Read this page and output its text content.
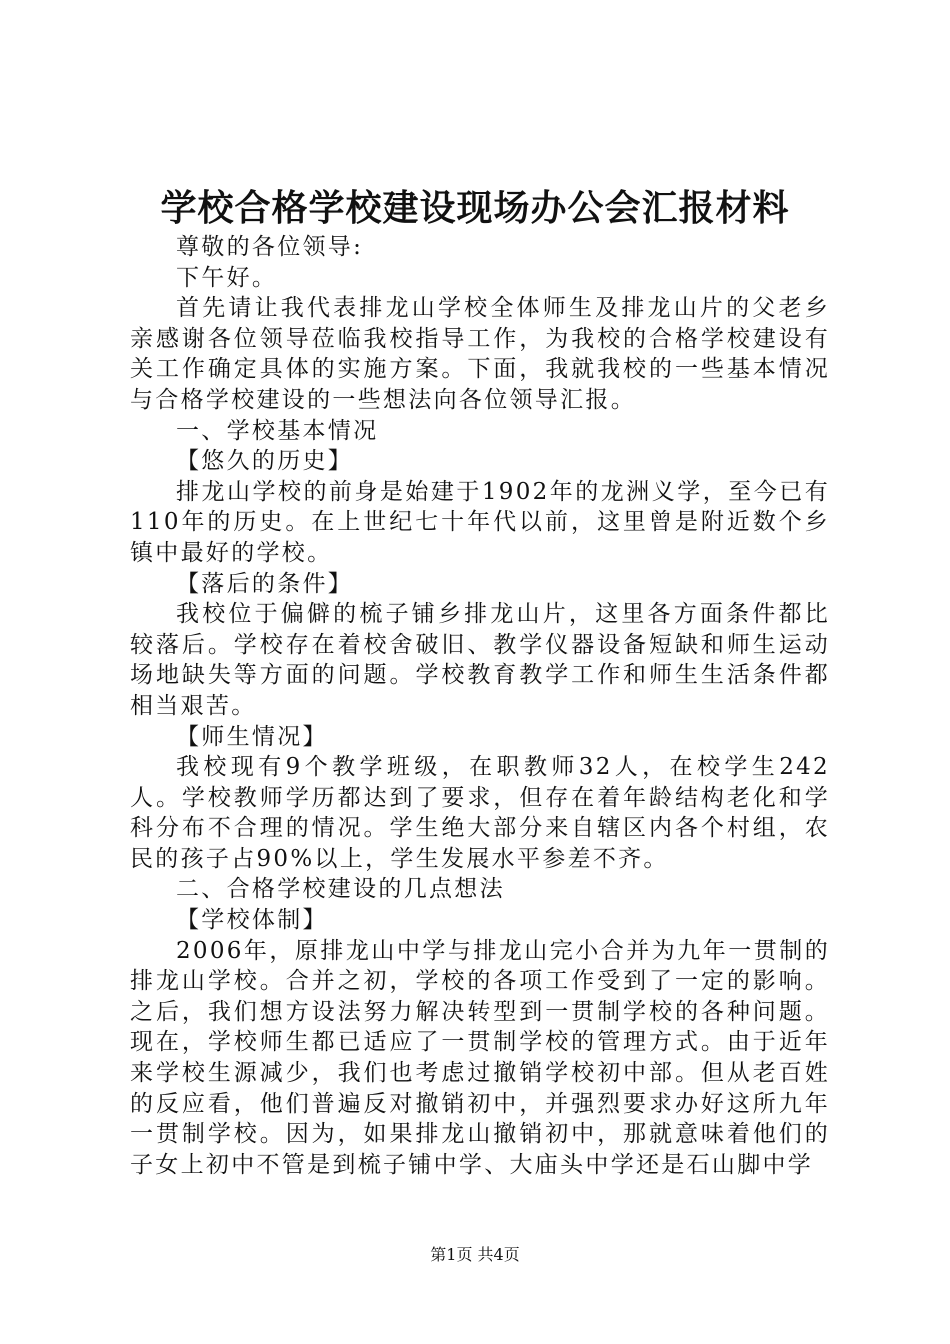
学校合格学校建设现场办公会汇报材料

尊敬的各位领导:

下午好。

首先请让我代表排龙山学校全体师生及排龙山片的父老乡亲感谢各位领导莅临我校指导工作，为我校的合格学校建设有关工作确定具体的实施方案。下面，我就我校的一些基本情况与合格学校建设的一些想法向各位领导汇报。

一、学校基本情况

【悠久的历史】

排龙山学校的前身是始建于1902年的龙洲义学，至今已有110年的历史。在上世纪七十年代以前，这里曾是附近数个乡镇中最好的学校。

【落后的条件】

我校位于偏僻的梳子铺乡排龙山片，这里各方面条件都比较落后。学校存在着校舍破旧、教学仪器设备短缺和师生运动场地缺失等方面的问题。学校教育教学工作和师生生活条件都相当艰苦。

【师生情况】

我校现有9个教学班级，在职教师32人，在校学生242人。学校教师学历都达到了要求，但存在着年龄结构老化和学科分布不合理的情况。学生绝大部分来自辖区内各个村组，农民的孩子占90%以上，学生发展水平参差不齐。

二、合格学校建设的几点想法

【学校体制】

2006年，原排龙山中学与排龙山完小合并为九年一贯制的排龙山学校。合并之初，学校的各项工作受到了一定的影响。之后，我们想方设法努力解决转型到一贯制学校的各种问题。现在，学校师生都已适应了一贯制学校的管理方式。由于近年来学校生源减少，我们也考虑过撤销学校初中部。但从老百姓的反应看，他们普遍反对撤销初中，并强烈要求办好这所九年一贯制学校。因为，如果排龙山撤销初中，那就意味着他们的子女上初中不管是到梳子铺中学、大庙头中学还是石山脚中学

第1页 共4页
